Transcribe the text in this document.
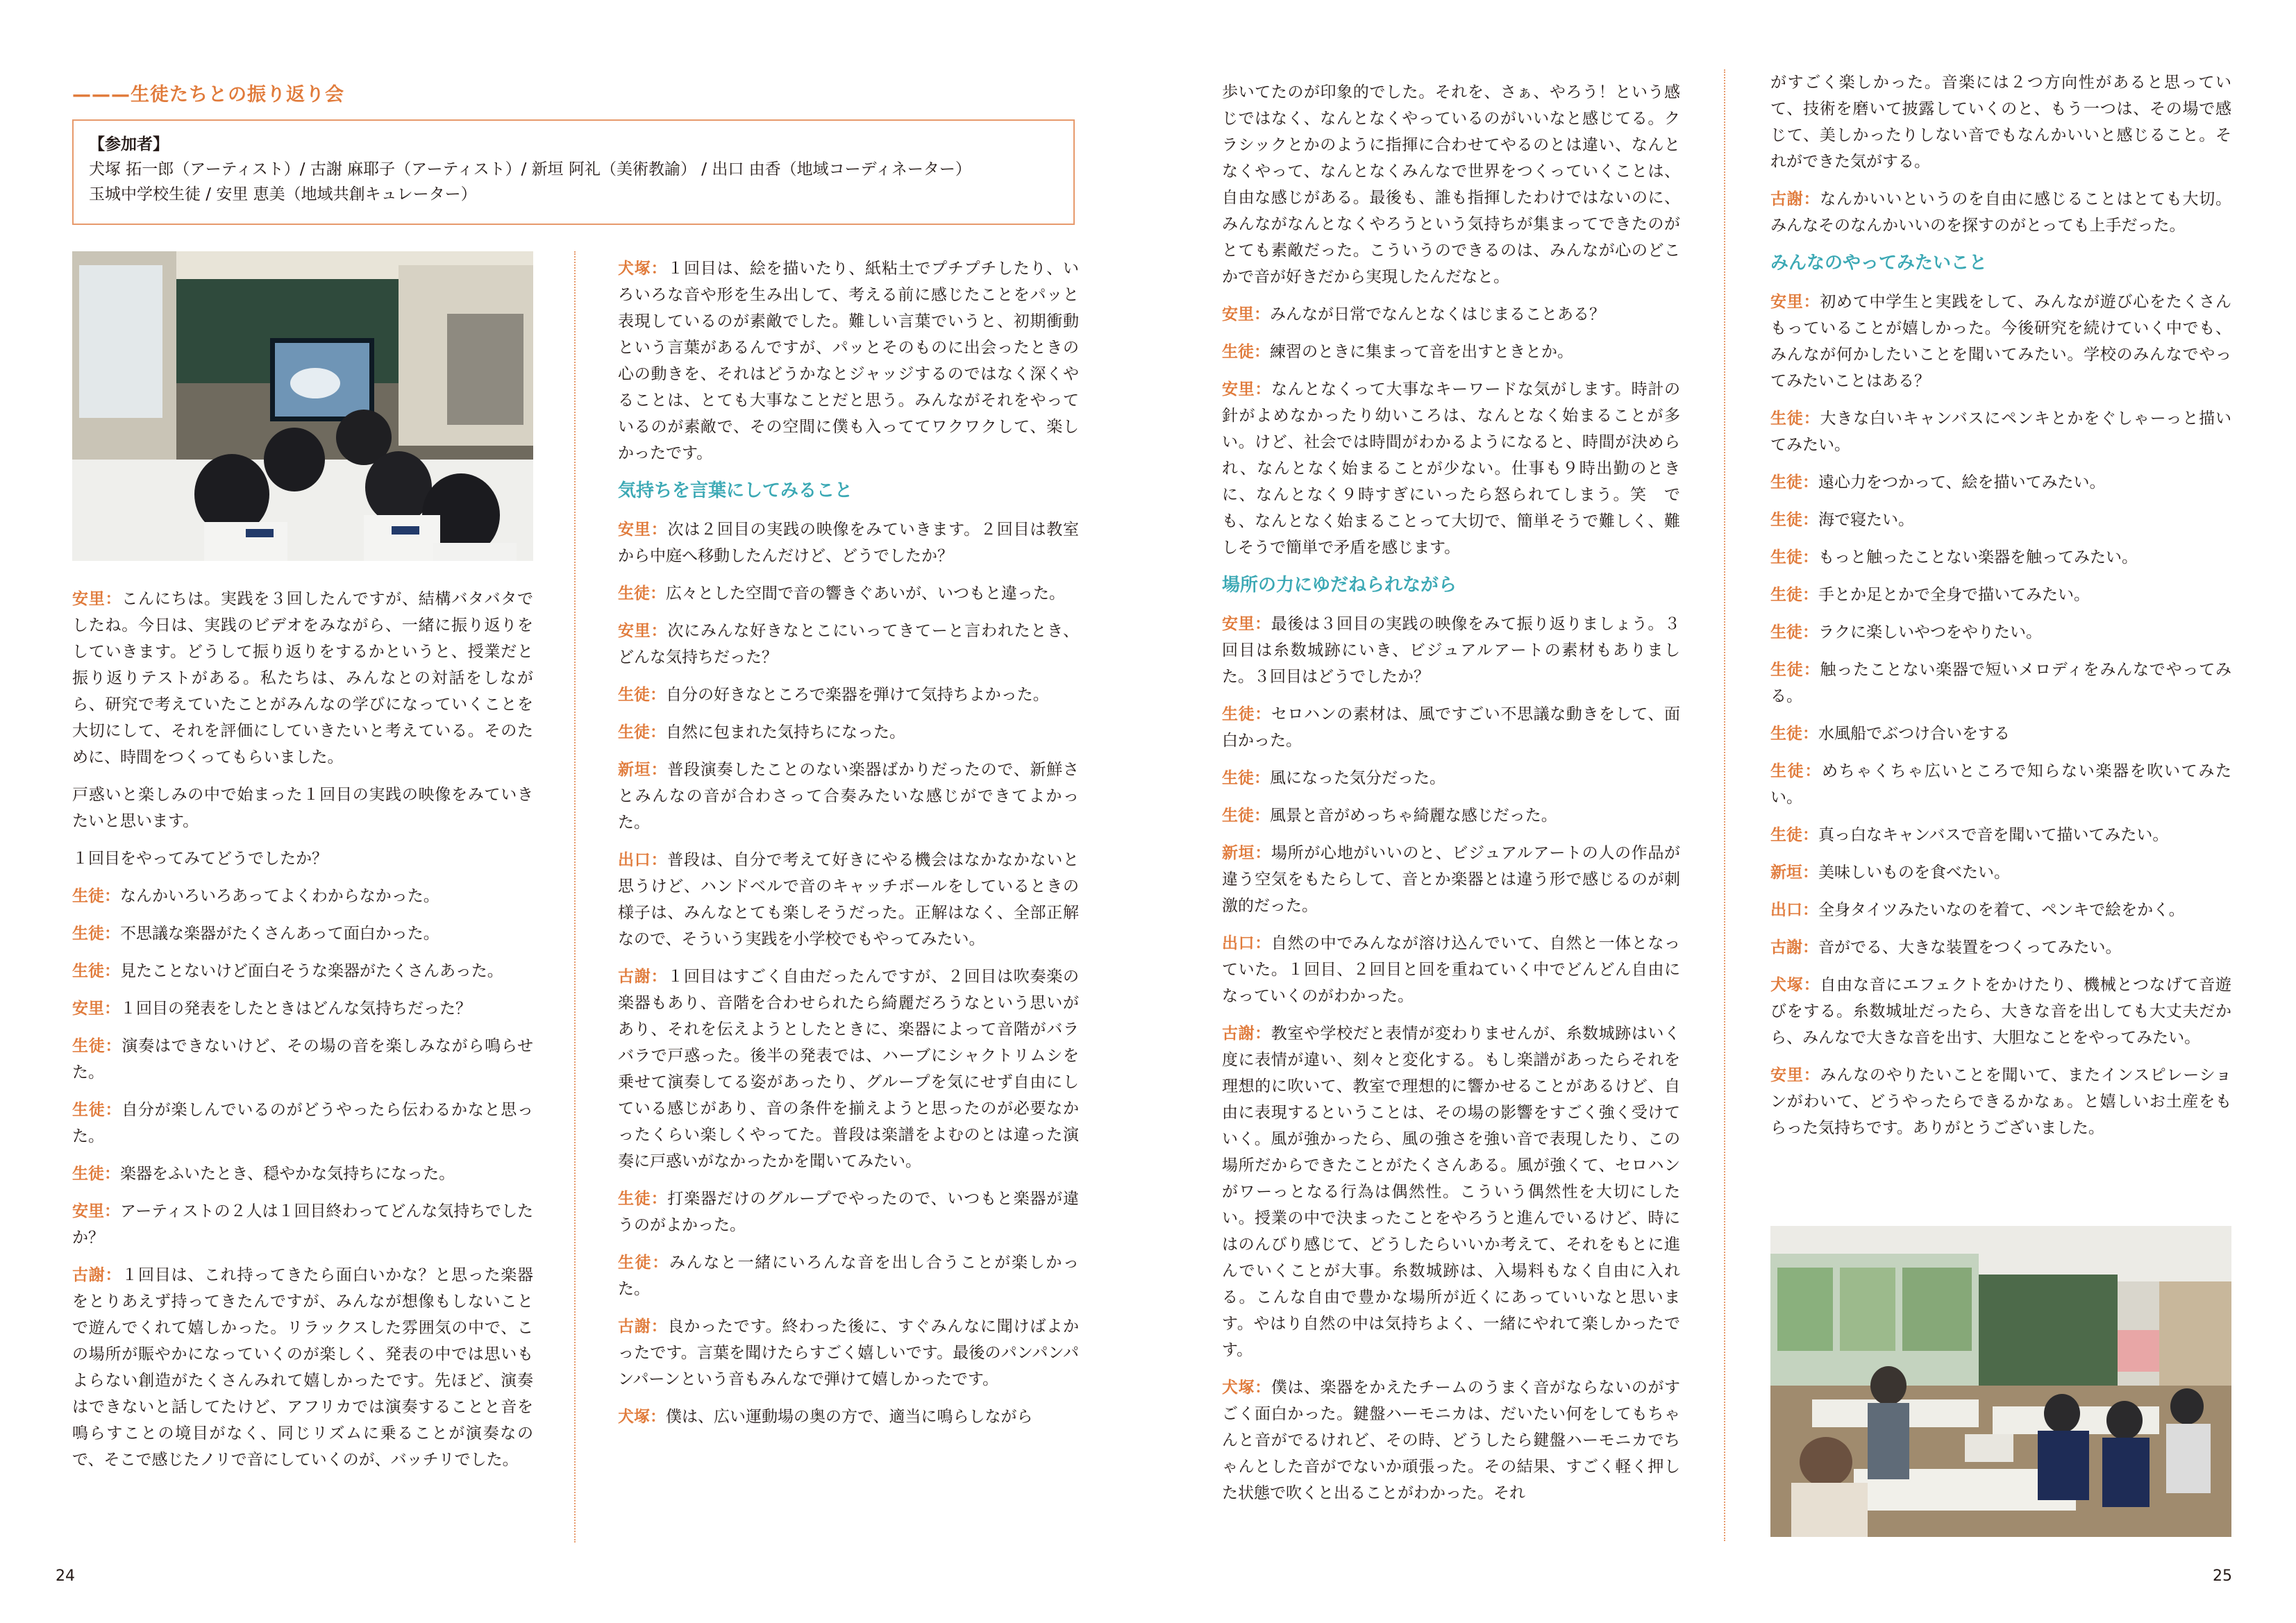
———生徒たちとの振り返り会
【参加者】
犬塚 拓一郎（アーティスト）/ 古謝 麻耶子（アーティスト）/ 新垣 阿礼（美術教諭） / 出口 由香（地域コーディネーター）
玉城中学校生徒 / 安里 恵美（地域共創キュレーター）

安里：こんにちは。実践を３回したんですが、結構バタバタでしたね。今日は、実践のビデオをみながら、一緒に振り返りをしていきます。どうして振り返りをするかというと、授業だと振り返りテストがある。私たちは、みんなとの対話をしながら、研究で考えていたことがみんなの学びになっていくことを大切にして、それを評価にしていきたいと考えている。そのために、時間をつくってもらいました。

戸惑いと楽しみの中で始まった１回目の実践の映像をみていきたいと思います。

１回目をやってみてどうでしたか？

生徒：なんかいろいろあってよくわからなかった。

生徒：不思議な楽器がたくさんあって面白かった。

生徒：見たことないけど面白そうな楽器がたくさんあった。

安里：１回目の発表をしたときはどんな気持ちだった？

生徒：演奏はできないけど、その場の音を楽しみながら鳴らせた。

生徒：自分が楽しんでいるのがどうやったら伝わるかなと思った。

生徒：楽器をふいたとき、穏やかな気持ちになった。

安里：アーティストの２人は１回目終わってどんな気持ちでしたか？

古謝：１回目は、これ持ってきたら面白いかな？と思った楽器をとりあえず持ってきたんですが、みんなが想像もしないことで遊んでくれて嬉しかった。リラックスした雰囲気の中で、この場所が賑やかになっていくのが楽しく、発表の中では思いもよらない創造がたくさんみれて嬉しかったです。先ほど、演奏はできないと話してたけど、アフリカでは演奏することと音を鳴らすことの境目がなく、同じリズムに乗ることが演奏なので、そこで感じたノリで音にしていくのが、バッチリでした。

犬塚：１回目は、絵を描いたり、紙粘土でプチプチしたり、いろいろな音や形を生み出して、考える前に感じたことをパッと表現しているのが素敵でした。難しい言葉でいうと、初期衝動という言葉があるんですが、パッとそのものに出会ったときの心の動きを、それはどうかなとジャッジするのではなく深くやることは、とても大事なことだと思う。みんながそれをやっているのが素敵で、その空間に僕も入っててワクワクして、楽しかったです。

気持ちを言葉にしてみること

安里：次は２回目の実践の映像をみていきます。２回目は教室から中庭へ移動したんだけど、どうでしたか？

生徒：広々とした空間で音の響きぐあいが、いつもと違った。

安里：次にみんな好きなとこにいってきてーと言われたとき、どんな気持ちだった？

生徒：自分の好きなところで楽器を弾けて気持ちよかった。

生徒：自然に包まれた気持ちになった。

新垣：普段演奏したことのない楽器ばかりだったので、新鮮さとみんなの音が合わさって合奏みたいな感じができてよかった。

出口：普段は、自分で考えて好きにやる機会はなかなかないと思うけど、ハンドベルで音のキャッチボールをしているときの様子は、みんなとても楽しそうだった。正解はなく、全部正解なので、そういう実践を小学校でもやってみたい。

古謝：１回目はすごく自由だったんですが、２回目は吹奏楽の楽器もあり、音階を合わせられたら綺麗だろうなという思いがあり、それを伝えようとしたときに、楽器によって音階がバラバラで戸惑った。後半の発表では、ハーブにシャクトリムシを乗せて演奏してる姿があったり、グループを気にせず自由にしている感じがあり、音の条件を揃えようと思ったのが必要なかったくらい楽しくやってた。普段は楽譜をよむのとは違った演奏に戸惑いがなかったかを聞いてみたい。

生徒：打楽器だけのグループでやったので、いつもと楽器が違うのがよかった。

生徒：みんなと一緒にいろんな音を出し合うことが楽しかった。

古謝：良かったです。終わった後に、すぐみんなに聞けばよかったです。言葉を聞けたらすごく嬉しいです。最後のパンパンパンパーンという音もみんなで弾けて嬉しかったです。

犬塚：僕は、広い運動場の奥の方で、適当に鳴らしながら

24

歩いてたのが印象的でした。それを、さぁ、やろう！という感じではなく、なんとなくやっているのがいいなと感じてる。クラシックとかのように指揮に合わせてやるのとは違い、なんとなくやって、なんとなくみんなで世界をつくっていくことは、自由な感じがある。最後も、誰も指揮したわけではないのに、みんながなんとなくやろうという気持ちが集まってできたのがとても素敵だった。こういうのできるのは、みんなが心のどこかで音が好きだから実現したんだなと。

安里：みんなが日常でなんとなくはじまることある？

生徒：練習のときに集まって音を出すときとか。

安里：なんとなくって大事なキーワードな気がします。時計の針がよめなかったり幼いころは、なんとなく始まることが多い。けど、社会では時間がわかるようになると、時間が決められ、なんとなく始まることが少ない。仕事も９時出勤のときに、なんとなく９時すぎにいったら怒られてしまう。笑　でも、なんとなく始まることって大切で、簡単そうで難しく、難しそうで簡単で矛盾を感じます。

場所の力にゆだねられながら

安里：最後は３回目の実践の映像をみて振り返りましょう。３回目は糸数城跡にいき、ビジュアルアートの素材もありました。３回目はどうでしたか？

生徒：セロハンの素材は、風ですごい不思議な動きをして、面白かった。

生徒：風になった気分だった。

生徒：風景と音がめっちゃ綺麗な感じだった。

新垣：場所が心地がいいのと、ビジュアルアートの人の作品が違う空気をもたらして、音とか楽器とは違う形で感じるのが刺激的だった。

出口：自然の中でみんなが溶け込んでいて、自然と一体となっていた。１回目、２回目と回を重ねていく中でどんどん自由になっていくのがわかった。

古謝：教室や学校だと表情が変わりませんが、糸数城跡はいく度に表情が違い、刻々と変化する。もし楽譜があったらそれを理想的に吹いて、教室で理想的に響かせることがあるけど、自由に表現するということは、その場の影響をすごく強く受けていく。風が強かったら、風の強さを強い音で表現したり、この場所だからできたことがたくさんある。風が強くて、セロハンがワーっとなる行為は偶然性。こういう偶然性を大切にしたい。授業の中で決まったことをやろうと進んでいるけど、時にはのんびり感じて、どうしたらいいか考えて、それをもとに進んでいくことが大事。糸数城跡は、入場料もなく自由に入れる。こんな自由で豊かな場所が近くにあっていいなと思います。やはり自然の中は気持ちよく、一緒にやれて楽しかったです。

犬塚：僕は、楽器をかえたチームのうまく音がならないのがすごく面白かった。鍵盤ハーモニカは、だいたい何をしてもちゃんと音がでるけれど、その時、どうしたら鍵盤ハーモニカでちゃんとした音がでないか頑張った。その結果、すごく軽く押した状態で吹くと出ることがわかった。それ

がすごく楽しかった。音楽には２つ方向性があると思っていて、技術を磨いて披露していくのと、もう一つは、その場で感じて、美しかったりしない音でもなんかいいと感じること。それができた気がする。

古謝：なんかいいというのを自由に感じることはとても大切。みんなそのなんかいいのを探すのがとっても上手だった。

みんなのやってみたいこと

安里：初めて中学生と実践をして、みんなが遊び心をたくさんもっていることが嬉しかった。今後研究を続けていく中でも、みんなが何かしたいことを聞いてみたい。学校のみんなでやってみたいことはある？

生徒：大きな白いキャンバスにペンキとかをぐしゃーっと描いてみたい。

生徒：遠心力をつかって、絵を描いてみたい。

生徒：海で寝たい。

生徒：もっと触ったことない楽器を触ってみたい。

生徒：手とか足とかで全身で描いてみたい。

生徒：ラクに楽しいやつをやりたい。

生徒：触ったことない楽器で短いメロディをみんなでやってみる。

生徒：水風船でぶつけ合いをする

生徒：めちゃくちゃ広いところで知らない楽器を吹いてみたい。

生徒：真っ白なキャンバスで音を聞いて描いてみたい。

新垣：美味しいものを食べたい。

出口：全身タイツみたいなのを着て、ペンキで絵をかく。

古謝：音がでる、大きな装置をつくってみたい。

犬塚：自由な音にエフェクトをかけたり、機械とつなげて音遊びをする。糸数城址だったら、大きな音を出しても大丈夫だから、みんなで大きな音を出す、大胆なことをやってみたい。

安里：みんなのやりたいことを聞いて、またインスピレーションがわいて、どうやったらできるかなぁ。と嬉しいお土産をもらった気持ちです。ありがとうございました。

25
